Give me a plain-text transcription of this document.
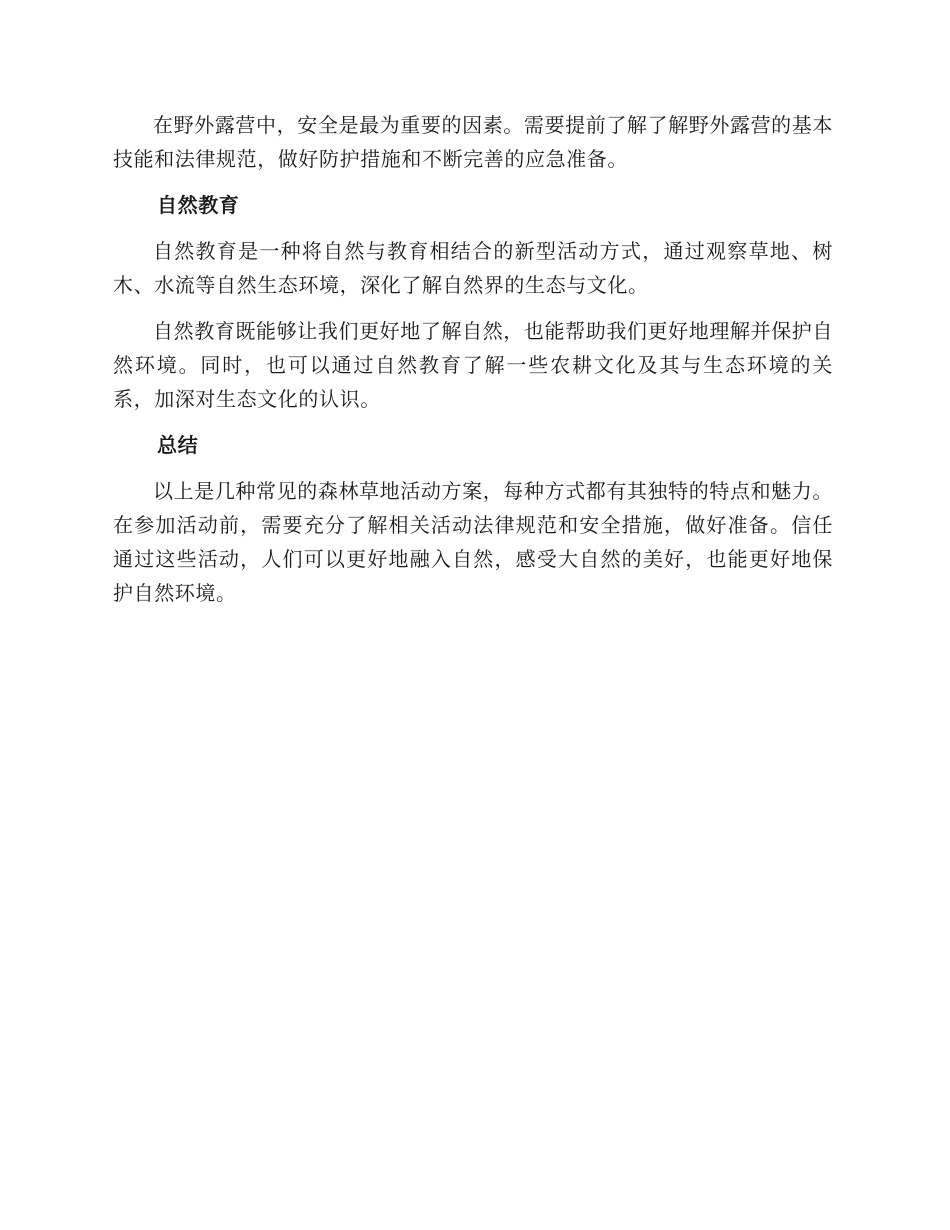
在野外露营中，安全是最为重要的因素。需要提前了解了解野外露营的基本技能和法律规范，做好防护措施和不断完善的应急准备。

自然教育

自然教育是一种将自然与教育相结合的新型活动方式，通过观察草地、树木、水流等自然生态环境，深化了解自然界的生态与文化。

自然教育既能够让我们更好地了解自然，也能帮助我们更好地理解并保护自然环境。同时，也可以通过自然教育了解一些农耕文化及其与生态环境的关系，加深对生态文化的认识。

总结

以上是几种常见的森林草地活动方案，每种方式都有其独特的特点和魅力。在参加活动前，需要充分了解相关活动法律规范和安全措施，做好准备。信任通过这些活动，人们可以更好地融入自然，感受大自然的美好，也能更好地保护自然环境。
